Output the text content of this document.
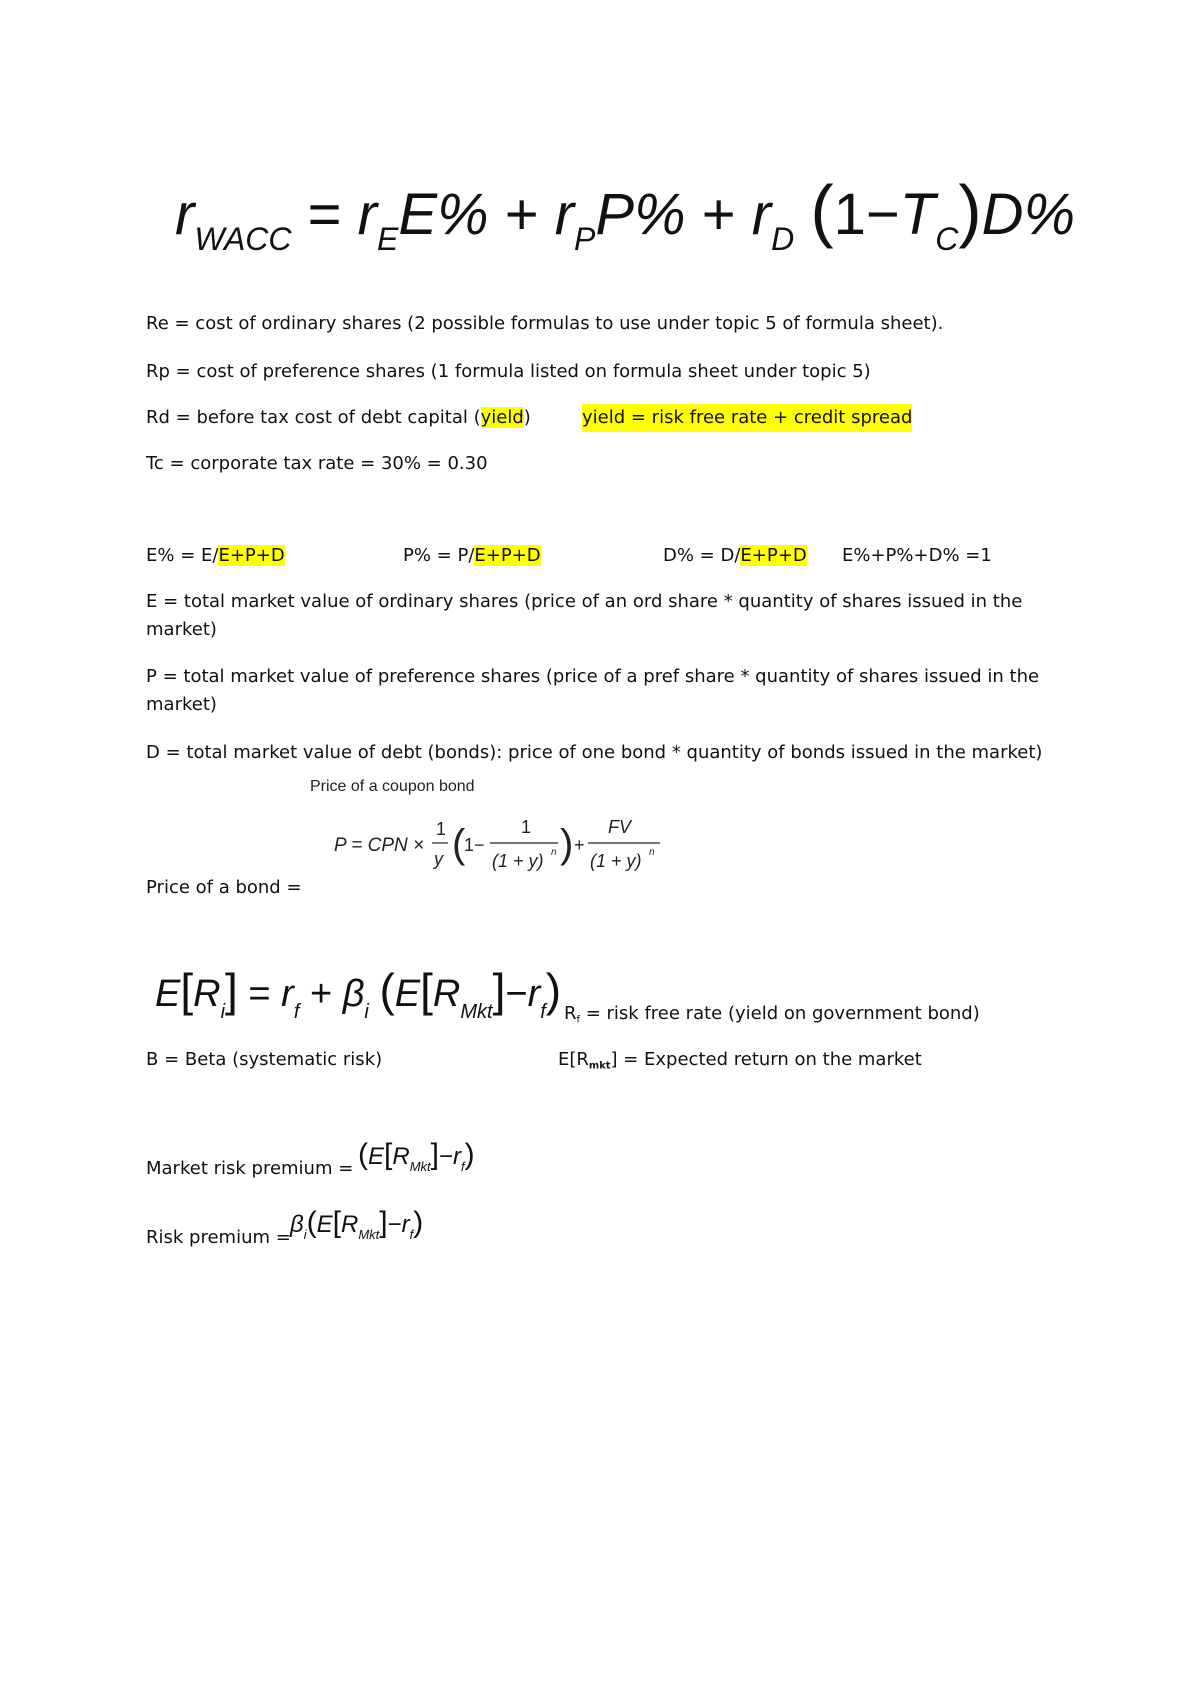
$r_{WACC} = r_EE\% + r_PP\% + r_D$ $(1-T_C)D\%$
Re = cost of ordinary shares (2 possible formulas to use under topic 5 of formula sheet).
Rp = cost of preference shares (1 formula listed on formula sheet under topic 5)
Rd = before tax cost of debt capital (yield)	yield = risk free rate + credit spread
Tc = corporate tax rate = 30% = 0.30
E% = E/E+P+D	P% = P/E+P+D	D% = D/E+P+D E%+P%+D% =1
E = total market value of ordinary shares (price of an ord share * quantity of shares issued in the market)
P = total market value of preference shares (price of a pref share * quantity of shares issued in the market)
D = total market value of debt (bonds): price of one bond * quantity of bonds issued in the market)
Price of a coupon bond
P = CPN ×
1
y (
1−
1
(1 + y) n ) +
FV
(1 + y) n
Price of a bond =
$E[R_i] = r_f + \beta_i$ $(E[R_{Mkt}]-r_f) R_f$ = risk free rate (yield on government bond)
B = Beta (systematic risk)	$E[R_{mkt}]$ = Expected return on the market
Market risk premium = $(E[R_{Mkt}]-r_f)$
Risk premium = $\beta_i(E[R_{Mkt}]-r_f)$
